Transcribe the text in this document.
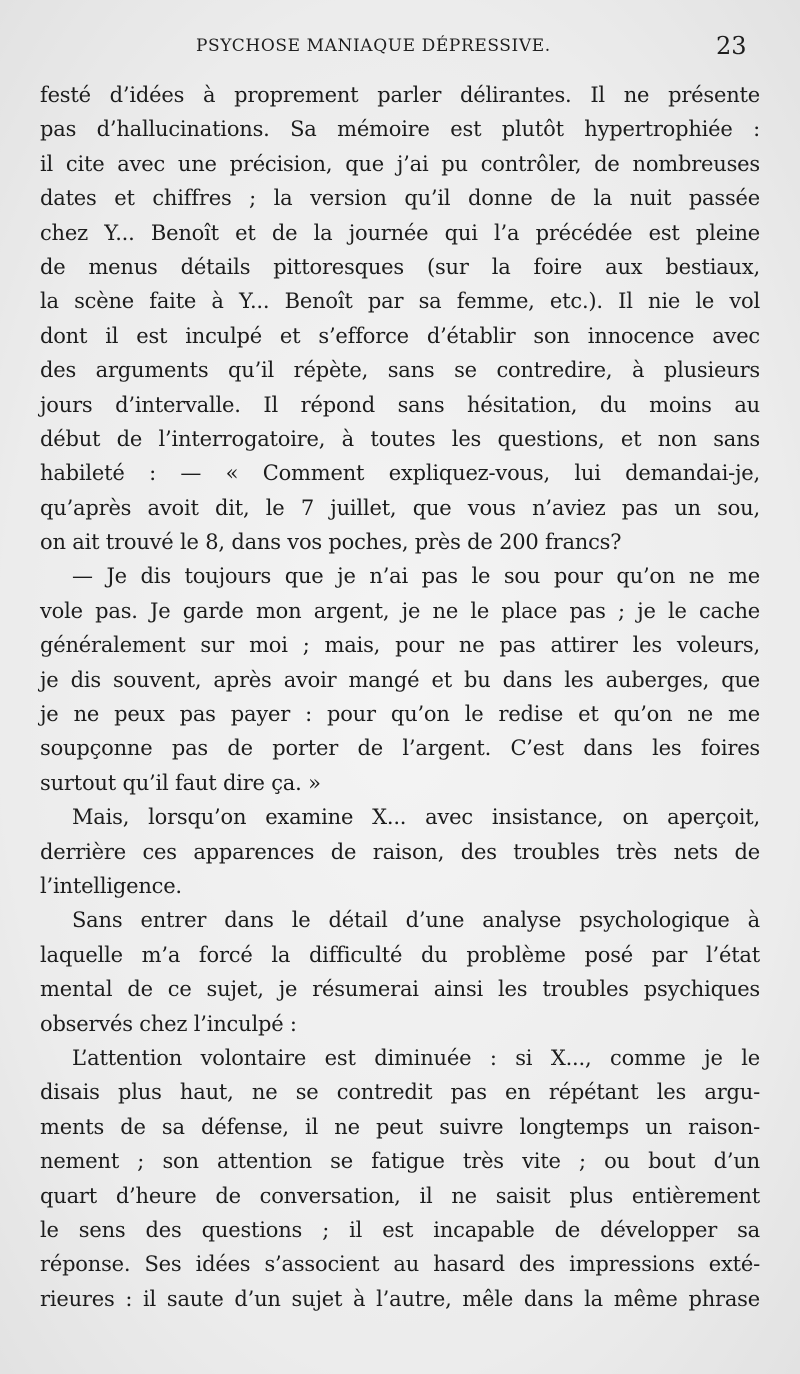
PSYCHOSE MANIAQUE DÉPRESSIVE.	23
festé d’idées à proprement parler délirantes. Il ne présente
pas d’hallucinations. Sa mémoire est plutôt hypertrophiée :
il cite avec une précision, que j’ai pu contrôler, de nombreuses
dates et chiffres ; la version qu’il donne de la nuit passée
chez Y... Benoît et de la journée qui l’a précédée est pleine
de menus détails pittoresques (sur la foire aux bestiaux,
la scène faite à Y... Benoît par sa femme, etc.). Il nie le vol
dont il est inculpé et s’efforce d’établir son innocence avec
des arguments qu’il répète, sans se contredire, à plusieurs
jours d’intervalle. Il répond sans hésitation, du moins au
début de l’interrogatoire, à toutes les questions, et non sans
habileté : — « Comment expliquez-vous, lui demandai-je,
qu’après avoit dit, le 7 juillet, que vous n’aviez pas un sou,
on ait trouvé le 8, dans vos poches, près de 200 francs?
— Je dis toujours que je n’ai pas le sou pour qu’on ne me
vole pas. Je garde mon argent, je ne le place pas ; je le cache
généralement sur moi ; mais, pour ne pas attirer les voleurs,
je dis souvent, après avoir mangé et bu dans les auberges, que
je ne peux pas payer : pour qu’on le redise et qu’on ne me
soupçonne pas de porter de l’argent. C’est dans les foires
surtout qu’il faut dire ça. »
Mais, lorsqu’on examine X... avec insistance, on aperçoit,
derrière ces apparences de raison, des troubles très nets de
l’intelligence.
Sans entrer dans le détail d’une analyse psychologique à
laquelle m’a forcé la difficulté du problème posé par l’état
mental de ce sujet, je résumerai ainsi les troubles psychiques
observés chez l’inculpé :
L’attention volontaire est diminuée : si X..., comme je le
disais plus haut, ne se contredit pas en répétant les argu-
ments de sa défense, il ne peut suivre longtemps un raison-
nement ; son attention se fatigue très vite ; ou bout d’un
quart d’heure de conversation, il ne saisit plus entièrement
le sens des questions ; il est incapable de développer sa
réponse. Ses idées s’associent au hasard des impressions exté-
rieures : il saute d’un sujet à l’autre, mêle dans la même phrase
